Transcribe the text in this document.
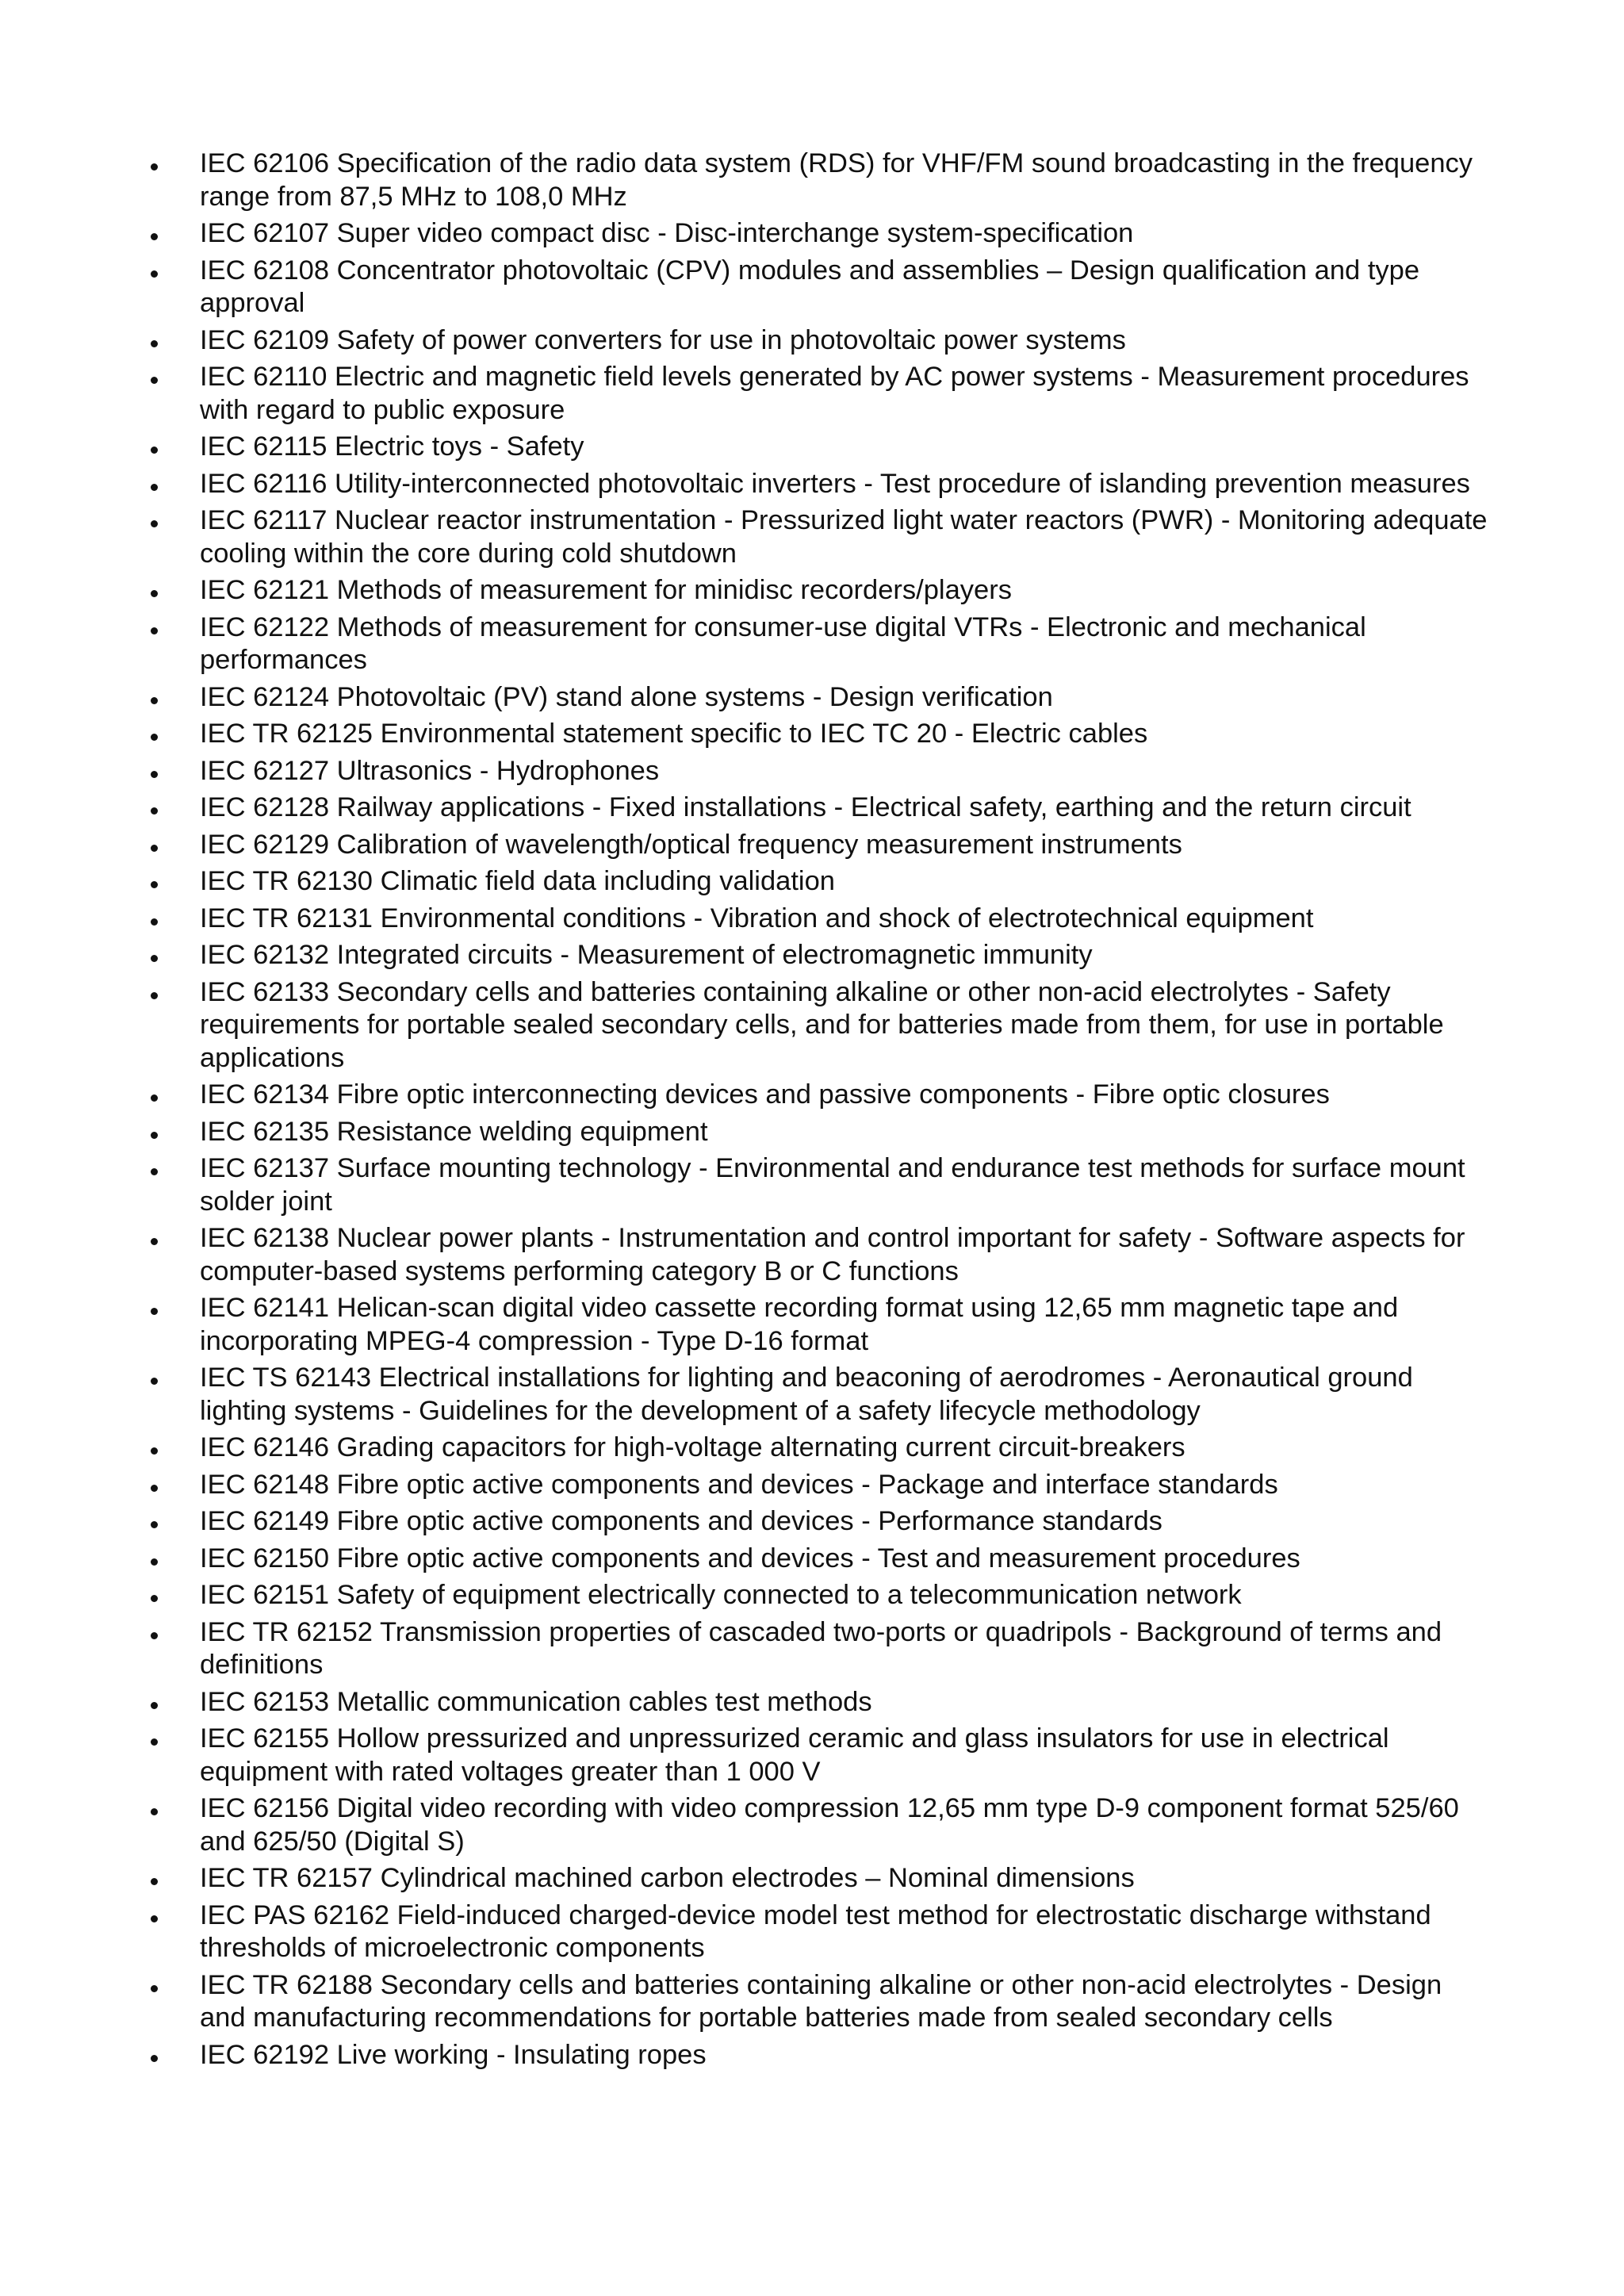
IEC 62106 Specification of the radio data system (RDS) for VHF/FM sound broadcasting in the frequency range from 87,5 MHz to 108,0 MHz
IEC 62107 Super video compact disc - Disc-interchange system-specification
IEC 62108 Concentrator photovoltaic (CPV) modules and assemblies – Design qualification and type approval
IEC 62109 Safety of power converters for use in photovoltaic power systems
IEC 62110 Electric and magnetic field levels generated by AC power systems - Measurement procedures with regard to public exposure
IEC 62115 Electric toys - Safety
IEC 62116 Utility-interconnected photovoltaic inverters - Test procedure of islanding prevention measures
IEC 62117 Nuclear reactor instrumentation - Pressurized light water reactors (PWR) - Monitoring adequate cooling within the core during cold shutdown
IEC 62121 Methods of measurement for minidisc recorders/players
IEC 62122 Methods of measurement for consumer-use digital VTRs - Electronic and mechanical performances
IEC 62124 Photovoltaic (PV) stand alone systems - Design verification
IEC TR 62125 Environmental statement specific to IEC TC 20 - Electric cables
IEC 62127 Ultrasonics - Hydrophones
IEC 62128 Railway applications - Fixed installations - Electrical safety, earthing and the return circuit
IEC 62129 Calibration of wavelength/optical frequency measurement instruments
IEC TR 62130 Climatic field data including validation
IEC TR 62131 Environmental conditions - Vibration and shock of electrotechnical equipment
IEC 62132 Integrated circuits - Measurement of electromagnetic immunity
IEC 62133 Secondary cells and batteries containing alkaline or other non-acid electrolytes - Safety requirements for portable sealed secondary cells, and for batteries made from them, for use in portable applications
IEC 62134 Fibre optic interconnecting devices and passive components - Fibre optic closures
IEC 62135 Resistance welding equipment
IEC 62137 Surface mounting technology - Environmental and endurance test methods for surface mount solder joint
IEC 62138 Nuclear power plants - Instrumentation and control important for safety - Software aspects for computer-based systems performing category B or C functions
IEC 62141 Helican-scan digital video cassette recording format using 12,65 mm magnetic tape and incorporating MPEG-4 compression - Type D-16 format
IEC TS 62143 Electrical installations for lighting and beaconing of aerodromes - Aeronautical ground lighting systems - Guidelines for the development of a safety lifecycle methodology
IEC 62146 Grading capacitors for high-voltage alternating current circuit-breakers
IEC 62148 Fibre optic active components and devices - Package and interface standards
IEC 62149 Fibre optic active components and devices - Performance standards
IEC 62150 Fibre optic active components and devices - Test and measurement procedures
IEC 62151 Safety of equipment electrically connected to a telecommunication network
IEC TR 62152 Transmission properties of cascaded two-ports or quadripols - Background of terms and definitions
IEC 62153 Metallic communication cables test methods
IEC 62155 Hollow pressurized and unpressurized ceramic and glass insulators for use in electrical equipment with rated voltages greater than 1 000 V
IEC 62156 Digital video recording with video compression 12,65 mm type D-9 component format 525/60 and 625/50 (Digital S)
IEC TR 62157 Cylindrical machined carbon electrodes – Nominal dimensions
IEC PAS 62162 Field-induced charged-device model test method for electrostatic discharge withstand thresholds of microelectronic components
IEC TR 62188 Secondary cells and batteries containing alkaline or other non-acid electrolytes - Design and manufacturing recommendations for portable batteries made from sealed secondary cells
IEC 62192 Live working - Insulating ropes
